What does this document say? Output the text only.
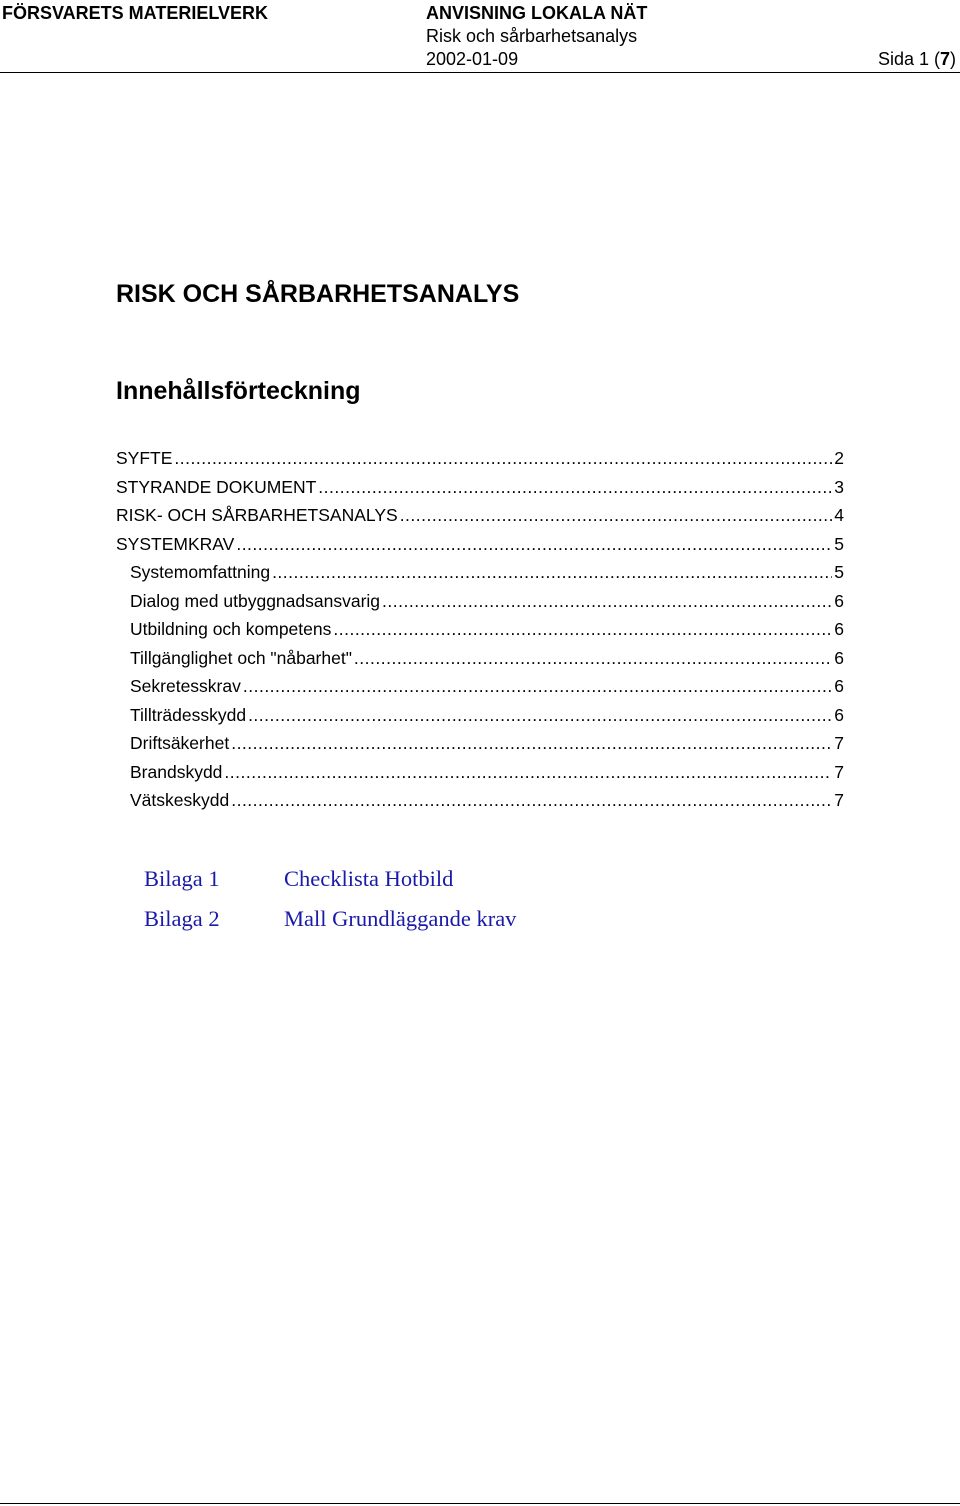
FÖRSVARETS MATERIELVERK	ANVISNING LOKALA NÄT
Risk och sårbarhetsanalys
2002-01-09	Sida 1 (7)
RISK OCH SÅRBARHETSANALYS
Innehållsförteckning
SYFTE .....	2
STYRANDE DOKUMENT .....	3
RISK- OCH SÅRBARHETSANALYS .....	4
SYSTEMKRAV .....	5
Systemomfattning .....	5
Dialog med utbyggnadsansvarig .....	6
Utbildning och kompetens .....	6
Tillgänglighet och "nåbarhet" .....	6
Sekretesskrav .....	6
Tillträdesskydd .....	6
Driftsäkerhet .....	7
Brandskydd .....	7
Vätskeskydd .....	7
Bilaga 1	Checklista Hotbild
Bilaga 2	Mall Grundläggande krav
